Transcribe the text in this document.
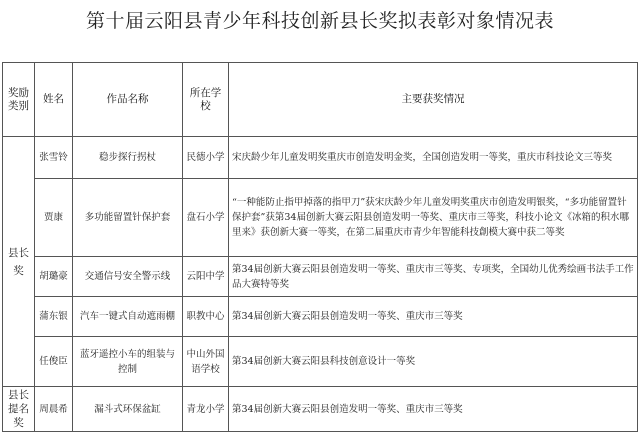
第十届云阳县青少年科技创新县长奖拟表彰对象情况表
奖励类别	姓名	作品名称	所在学校	主要获奖情况
县长奖	张雪铃	稳步探行拐杖	民德小学	宋庆龄少年儿童发明奖重庆市创造发明金奖，全国创造发明一等奖，重庆市科技论文三等奖
	贾康	多功能留置针保护套	盘石小学	“一种能防止指甲掉落的指甲刀”获宋庆龄少年儿童发明奖重庆市创造发明银奖，“多功能留置针保护套”获第34届创新大赛云阳县创造发明一等奖、重庆市三等奖，科技小论文《冰箱的积水哪里来》获创新大赛一等奖，在第二届重庆市青少年智能科技創模大赛中获二等奖
	胡璐豪	交通信号安全警示线	云阳中学	第34届创新大赛云阳县创造发明一等奖、重庆市三等奖、专项奖，全国幼儿优秀绘画书法手工作品大赛特等奖
	蒲东银	汽车一键式自动遮雨棚	职教中心	第34届创新大赛云阳县创造发明一等奖、重庆市三等奖
	任俊臣	蓝牙遥控小车的组装与控制	中山外国语学校	第34届创新大赛云阳县科技创意设计一等奖
县长提名奖	周晨希	漏斗式环保盆缸	青龙小学	第34届创新大赛云阳县创造发明一等奖、重庆市三等奖
